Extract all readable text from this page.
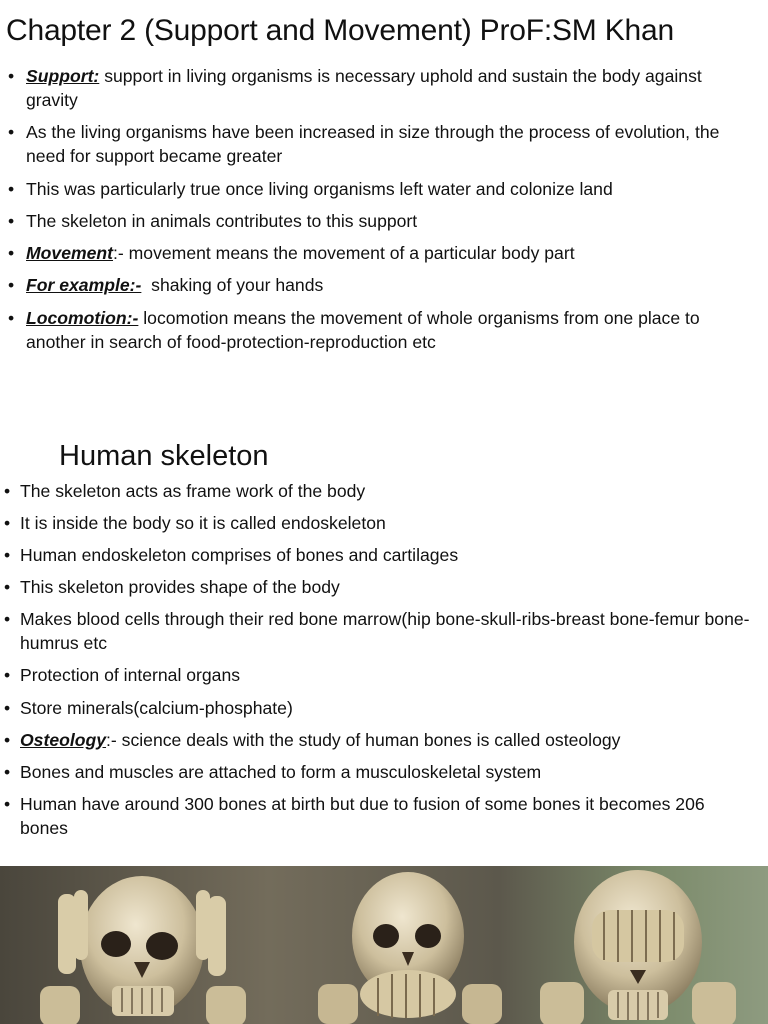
Chapter 2 (Support and Movement) ProF:SM Khan
• Support: support in living organisms is necessary uphold and sustain the body against gravity
• As the living organisms have been increased in size through the process of evolution, the need for support became greater
• This was particularly true once living organisms left water and colonize land
• The skeleton in animals contributes to this support
• Movement:- movement means the movement of a particular body part
• For example:- shaking of your hands
• Locomotion:- locomotion means the movement of whole organisms from one place to another in search of food-protection-reproduction etc
Human skeleton
• The skeleton acts as frame work of the body
• It is inside the body so it is called endoskeleton
• Human endoskeleton comprises of bones and cartilages
• This skeleton provides shape of the body
• Makes blood cells through their red bone marrow(hip bone-skull-ribs-breast bone-femur bone-humrus etc
• Protection of internal organs
• Store minerals(calcium-phosphate)
• Osteology:- science deals with the study of human bones is called osteology
• Bones and muscles are attached to form a musculoskeletal system
• Human have around 300 bones at birth but due to fusion of some bones it becomes 206 bones
